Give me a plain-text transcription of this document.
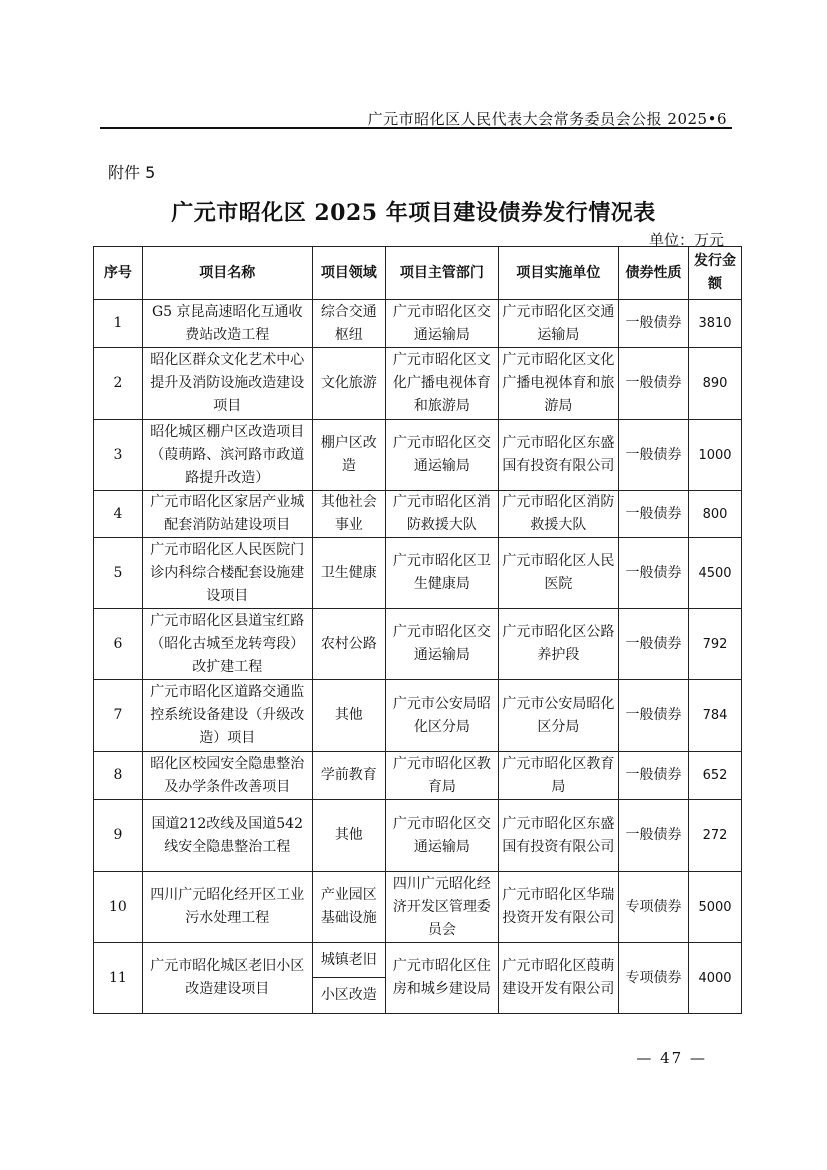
广元市昭化区人民代表大会常务委员会公报 2025•6
附件 5
广元市昭化区 2025 年项目建设债券发行情况表
单位：万元
序号	项目名称	项目领域	项目主管部门	项目实施单位	债券性质	发行金额
1	G5 京昆高速昭化互通收费站改造工程	综合交通枢纽	广元市昭化区交通运输局	广元市昭化区交通运输局	一般债券	3810
2	昭化区群众文化艺术中心提升及消防设施改造建设项目	文化旅游	广元市昭化区文化广播电视体育和旅游局	广元市昭化区文化广播电视体育和旅游局	一般债券	890
3	昭化城区棚户区改造项目（葭萌路、滨河路市政道路提升改造）	棚户区改造	广元市昭化区交通运输局	广元市昭化区东盛国有投资有限公司	一般债券	1000
4	广元市昭化区家居产业城配套消防站建设项目	其他社会事业	广元市昭化区消防救援大队	广元市昭化区消防救援大队	一般债券	800
5	广元市昭化区人民医院门诊内科综合楼配套设施建设项目	卫生健康	广元市昭化区卫生健康局	广元市昭化区人民医院	一般债券	4500
6	广元市昭化区县道宝红路（昭化古城至龙转弯段）改扩建工程	农村公路	广元市昭化区交通运输局	广元市昭化区公路养护段	一般债券	792
7	广元市昭化区道路交通监控系统设备建设（升级改造）项目	其他	广元市公安局昭化区分局	广元市公安局昭化区分局	一般债券	784
8	昭化区校园安全隐患整治及办学条件改善项目	学前教育	广元市昭化区教育局	广元市昭化区教育局	一般债券	652
9	国道212改线及国道542线安全隐患整治工程	其他	广元市昭化区交通运输局	广元市昭化区东盛国有投资有限公司	一般债券	272
10	四川广元昭化经开区工业污水处理工程	产业园区基础设施	四川广元昭化经济开发区管理委员会	广元市昭化区华瑞投资开发有限公司	专项债券	5000
11	广元市昭化城区老旧小区改造建设项目	城镇老旧	广元市昭化区住房和城乡建设局	广元市昭化区葭萌建设开发有限公司	专项债券	4000
		小区改造				
— 47 —
